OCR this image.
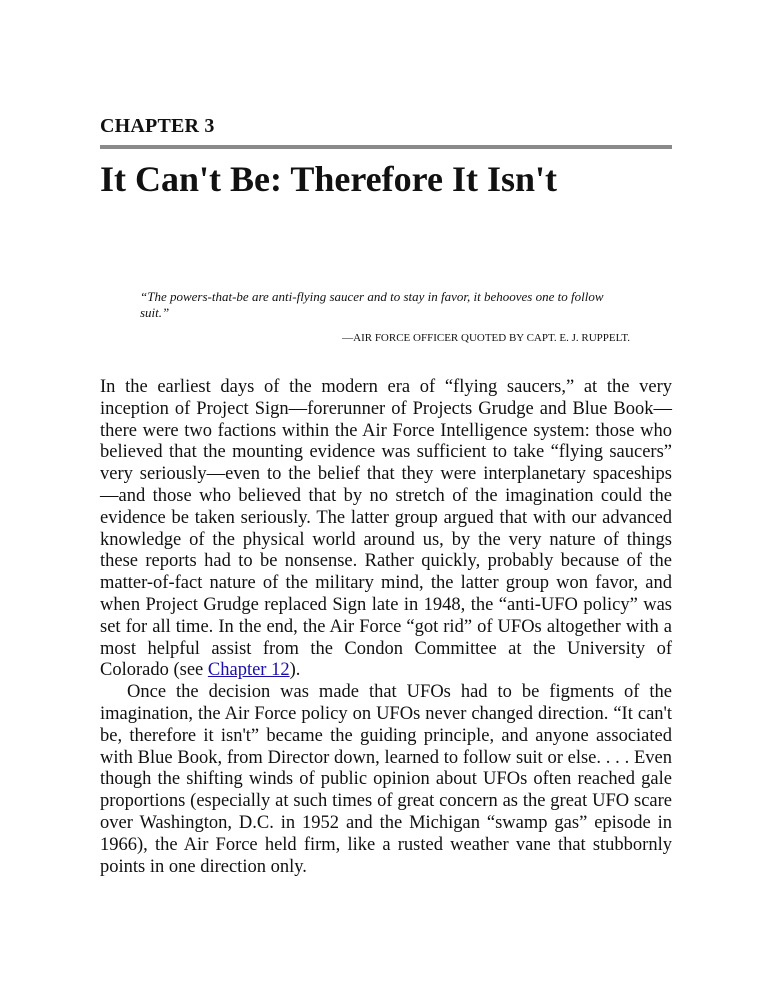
CHAPTER 3
It Can't Be: Therefore It Isn't

“The powers-that-be are anti-flying saucer and to stay in favor, it behooves one to follow suit.”

—AIR FORCE OFFICER QUOTED BY CAPT. E. J. RUPPELT.

In the earliest days of the modern era of “flying saucers,” at the very inception of Project Sign—forerunner of Projects Grudge and Blue Book—there were two factions within the Air Force Intelligence system: those who believed that the mounting evidence was sufficient to take “flying saucers” very seriously—even to the belief that they were interplanetary spaceships —and those who believed that by no stretch of the imagination could the evidence be taken seriously. The latter group argued that with our advanced knowledge of the physical world around us, by the very nature of things these reports had to be nonsense. Rather quickly, probably because of the matter-of-fact nature of the military mind, the latter group won favor, and when Project Grudge replaced Sign late in 1948, the “anti-UFO policy” was set for all time. In the end, the Air Force “got rid” of UFOs altogether with a most helpful assist from the Condon Committee at the University of Colorado (see Chapter 12).

Once the decision was made that UFOs had to be figments of the imagination, the Air Force policy on UFOs never changed direction. “It can't be, therefore it isn't” became the guiding principle, and anyone associated with Blue Book, from Director down, learned to follow suit or else. . . . Even though the shifting winds of public opinion about UFOs often reached gale proportions (especially at such times of great concern as the great UFO scare over Washington, D.C. in 1952 and the Michigan “swamp gas” episode in 1966), the Air Force held firm, like a rusted weather vane that stubbornly points in one direction only.
